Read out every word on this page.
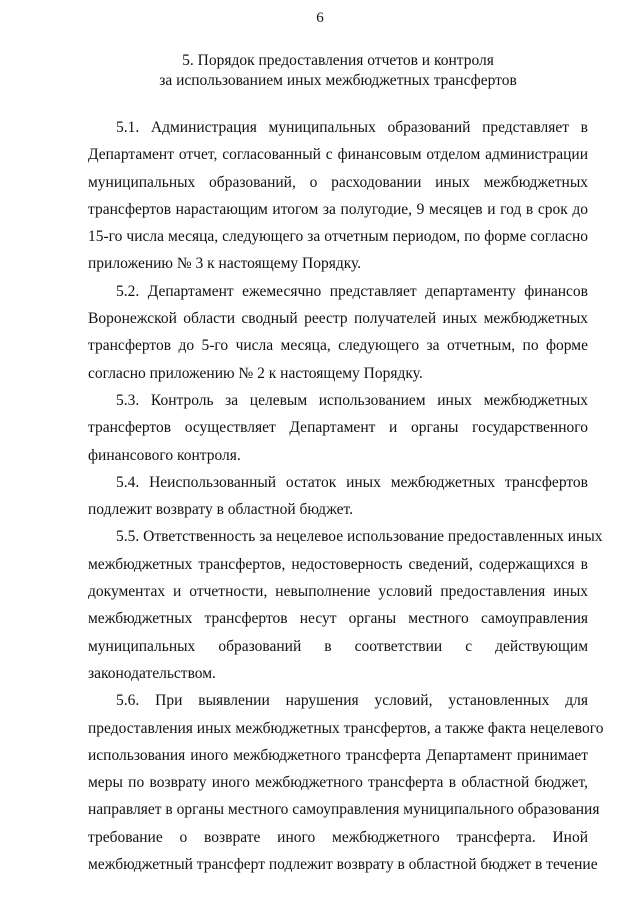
6
5. Порядок предоставления отчетов и контроля
за использованием иных межбюджетных трансфертов
5.1. Администрация муниципальных образований представляет в
Департамент отчет, согласованный с финансовым отделом администрации
муниципальных образований, о расходовании иных межбюджетных
трансфертов нарастающим итогом за полугодие, 9 месяцев и год в срок до
15-го числа месяца, следующего за отчетным периодом, по форме согласно
приложению № 3 к настоящему Порядку.
5.2. Департамент ежемесячно представляет департаменту финансов
Воронежской области сводный реестр получателей иных межбюджетных
трансфертов до 5-го числа месяца, следующего за отчетным, по форме
согласно приложению № 2 к настоящему Порядку.
5.3. Контроль за целевым использованием иных межбюджетных
трансфертов осуществляет Департамент и органы государственного
финансового контроля.
5.4. Неиспользованный остаток иных межбюджетных трансфертов
подлежит возврату в областной бюджет.
5.5. Ответственность за нецелевое использование предоставленных иных
межбюджетных трансфертов, недостоверность сведений, содержащихся в
документах и отчетности, невыполнение условий предоставления иных
межбюджетных трансфертов несут органы местного самоуправления
муниципальных образований в соответствии с действующим
законодательством.
5.6. При выявлении нарушения условий, установленных для
предоставления иных межбюджетных трансфертов, а также факта нецелевого
использования иного межбюджетного трансферта Департамент принимает
меры по возврату иного межбюджетного трансферта в областной бюджет,
направляет в органы местного самоуправления муниципального образования
требование о возврате иного межбюджетного трансферта. Иной
межбюджетный трансферт подлежит возврату в областной бюджет в течение
